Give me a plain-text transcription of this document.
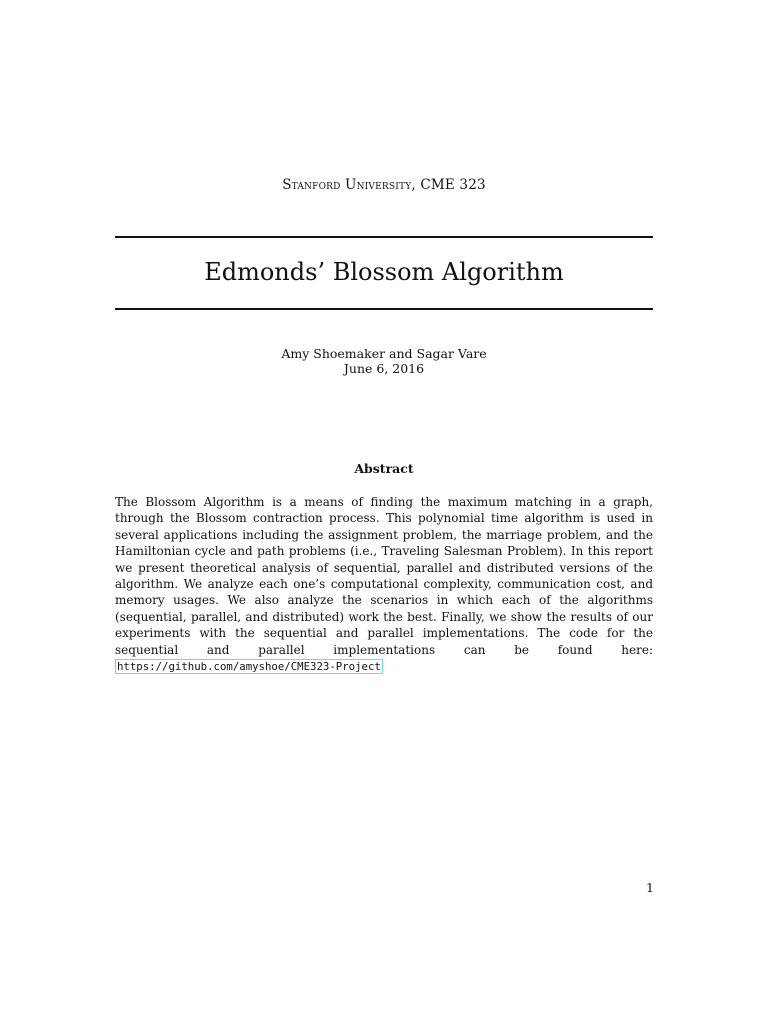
Stanford University, CME 323
Edmonds’ Blossom Algorithm
Amy Shoemaker and Sagar Vare
June 6, 2016
Abstract

The Blossom Algorithm is a means of finding the maximum matching in a graph, through the Blossom contraction process. This polynomial time algorithm is used in several applications including the assignment problem, the marriage problem, and the Hamiltonian cycle and path problems (i.e., Traveling Salesman Problem). In this report we present theoretical analysis of sequential, parallel and distributed versions of the algorithm. We analyze each one’s computational complexity, communication cost, and memory usages. We also analyze the scenarios in which each of the algorithms (sequential, parallel, and distributed) work the best. Finally, we show the results of our experiments with the sequential and parallel implementations. The code for the sequential and parallel implementations can be found here: https://github.com/amyshoe/CME323-Project

1
